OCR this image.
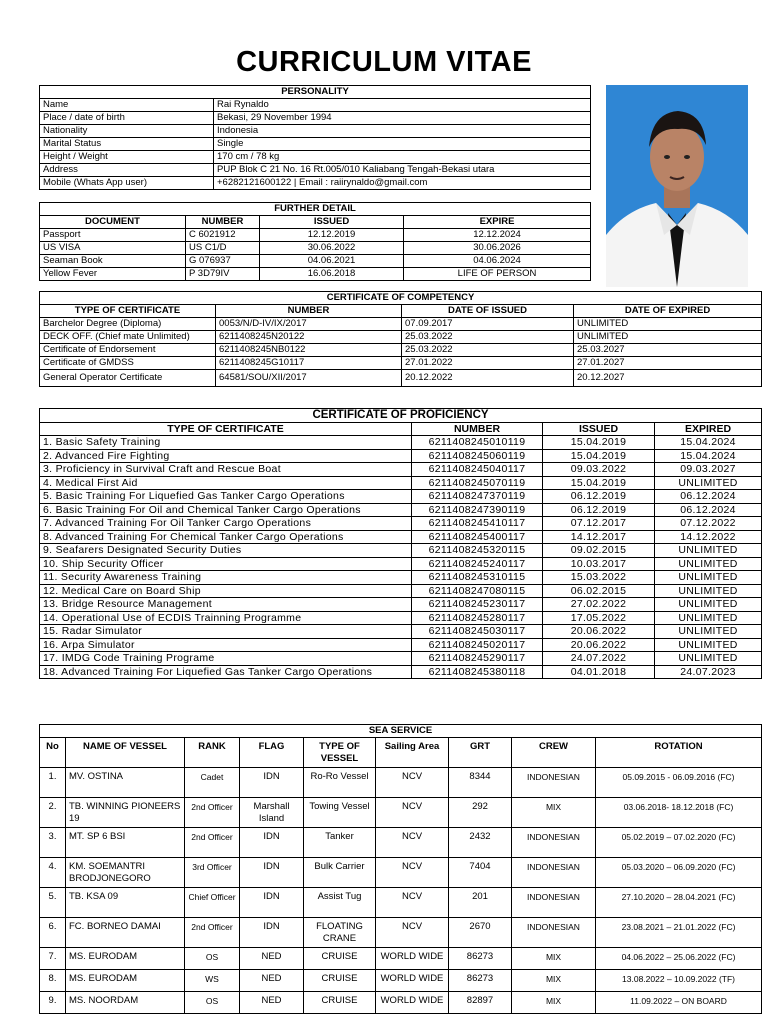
CURRICULUM VITAE
PERSONALITY	
Name	Rai Rynaldo
Place / date of birth	Bekasi, 29 November 1994
Nationality	Indonesia
Marital Status	Single
Height / Weight	170 cm / 78 kg
Address	PUP Blok C 21 No. 16 Rt.005/010 Kaliabang Tengah-Bekasi utara
Mobile (Whats App user)	+6282121600122 | Email : raiirynaldo@gmail.com
FURTHER DETAIL			
DOCUMENT	NUMBER	ISSUED	EXPIRE
Passport	C 6021912	12.12.2019	12.12.2024
US VISA	US C1/D	30.06.2022	30.06.2026
Seaman Book	G 076937	04.06.2021	04.06.2024
Yellow Fever	P 3D79IV	16.06.2018	LIFE OF PERSON
CERTIFICATE OF COMPETENCY			
TYPE OF CERTIFICATE	NUMBER	DATE OF ISSUED	DATE OF EXPIRED
Barchelor Degree (Diploma)	0053/N/D-IV/IX/2017	07.09.2017	UNLIMITED
DECK OFF. (Chief mate Unlimited)	6211408245N20122	25.03.2022	UNLIMITED
Certificate of Endorsement	6211408245NB0122	25.03.2022	25.03.2027
Certificate of GMDSS	6211408245G10117	27.01.2022	27.01.2027
General Operator Certificate	64581/SOU/XII/2017	20.12.2022	20.12.2027
CERTIFICATE OF PROFICIENCY			
TYPE OF CERTIFICATE	NUMBER	ISSUED	EXPIRED
1. Basic Safety Training	6211408245010119	15.04.2019	15.04.2024
2. Advanced Fire Fighting	6211408245060119	15.04.2019	15.04.2024
3. Proficiency in Survival Craft and Rescue Boat	6211408245040117	09.03.2022	09.03.2027
4. Medical First Aid	6211408245070119	15.04.2019	UNLIMITED
5. Basic Training For Liquefied Gas Tanker Cargo Operations	6211408247370119	06.12.2019	06.12.2024
6. Basic Training For Oil and Chemical Tanker Cargo Operations	6211408247390119	06.12.2019	06.12.2024
7. Advanced Training For Oil Tanker Cargo Operations	6211408245410117	07.12.2017	07.12.2022
8. Advanced Training For Chemical Tanker Cargo Operations	6211408245400117	14.12.2017	14.12.2022
9. Seafarers Designated Security Duties	6211408245320115	09.02.2015	UNLIMITED
10. Ship Security Officer	6211408245240117	10.03.2017	UNLIMITED
11. Security Awareness Training	6211408245310115	15.03.2022	UNLIMITED
12. Medical Care on Board Ship	6211408247080115	06.02.2015	UNLIMITED
13. Bridge Resource Management	6211408245230117	27.02.2022	UNLIMITED
14. Operational Use of ECDIS Trainning Programme	6211408245280117	17.05.2022	UNLIMITED
15. Radar Simulator	6211408245030117	20.06.2022	UNLIMITED
16. Arpa Simulator	6211408245020117	20.06.2022	UNLIMITED
17. IMDG Code Training Programe	6211408245290117	24.07.2022	UNLIMITED
18. Advanced Training For Liquefied Gas Tanker Cargo Operations	6211408245380118	04.01.2018	24.07.2023
SEA SERVICE								
No	NAME OF VESSEL	RANK	FLAG	TYPE OF VESSEL	Sailing Area	GRT	CREW	ROTATION
1.	MV. OSTINA	Cadet	IDN	Ro-Ro Vessel	NCV	8344	INDONESIAN	05.09.2015 - 06.09.2016 (FC)
2.	TB. WINNING PIONEERS 19	2nd Officer	Marshall Island	Towing Vessel	NCV	292	MIX	03.06.2018- 18.12.2018 (FC)
3.	MT. SP 6 BSI	2nd Officer	IDN	Tanker	NCV	2432	INDONESIAN	05.02.2019 – 07.02.2020 (FC)
4.	KM. SOEMANTRI BRODJONEGORO	3rd Officer	IDN	Bulk Carrier	NCV	7404	INDONESIAN	05.03.2020 – 06.09.2020 (FC)
5.	TB. KSA 09	Chief Officer	IDN	Assist Tug	NCV	201	INDONESIAN	27.10.2020 – 28.04.2021 (FC)
6.	FC. BORNEO DAMAI	2nd Officer	IDN	FLOATING CRANE	NCV	2670	INDONESIAN	23.08.2021 – 21.01.2022 (FC)
7.	MS. EURODAM	OS	NED	CRUISE	WORLD WIDE	86273	MIX	04.06.2022 – 25.06.2022 (FC)
8.	MS. EURODAM	WS	NED	CRUISE	WORLD WIDE	86273	MIX	13.08.2022 – 10.09.2022 (TF)
9.	MS. NOORDAM	OS	NED	CRUISE	WORLD WIDE	82897	MIX	11.09.2022 – ON BOARD
